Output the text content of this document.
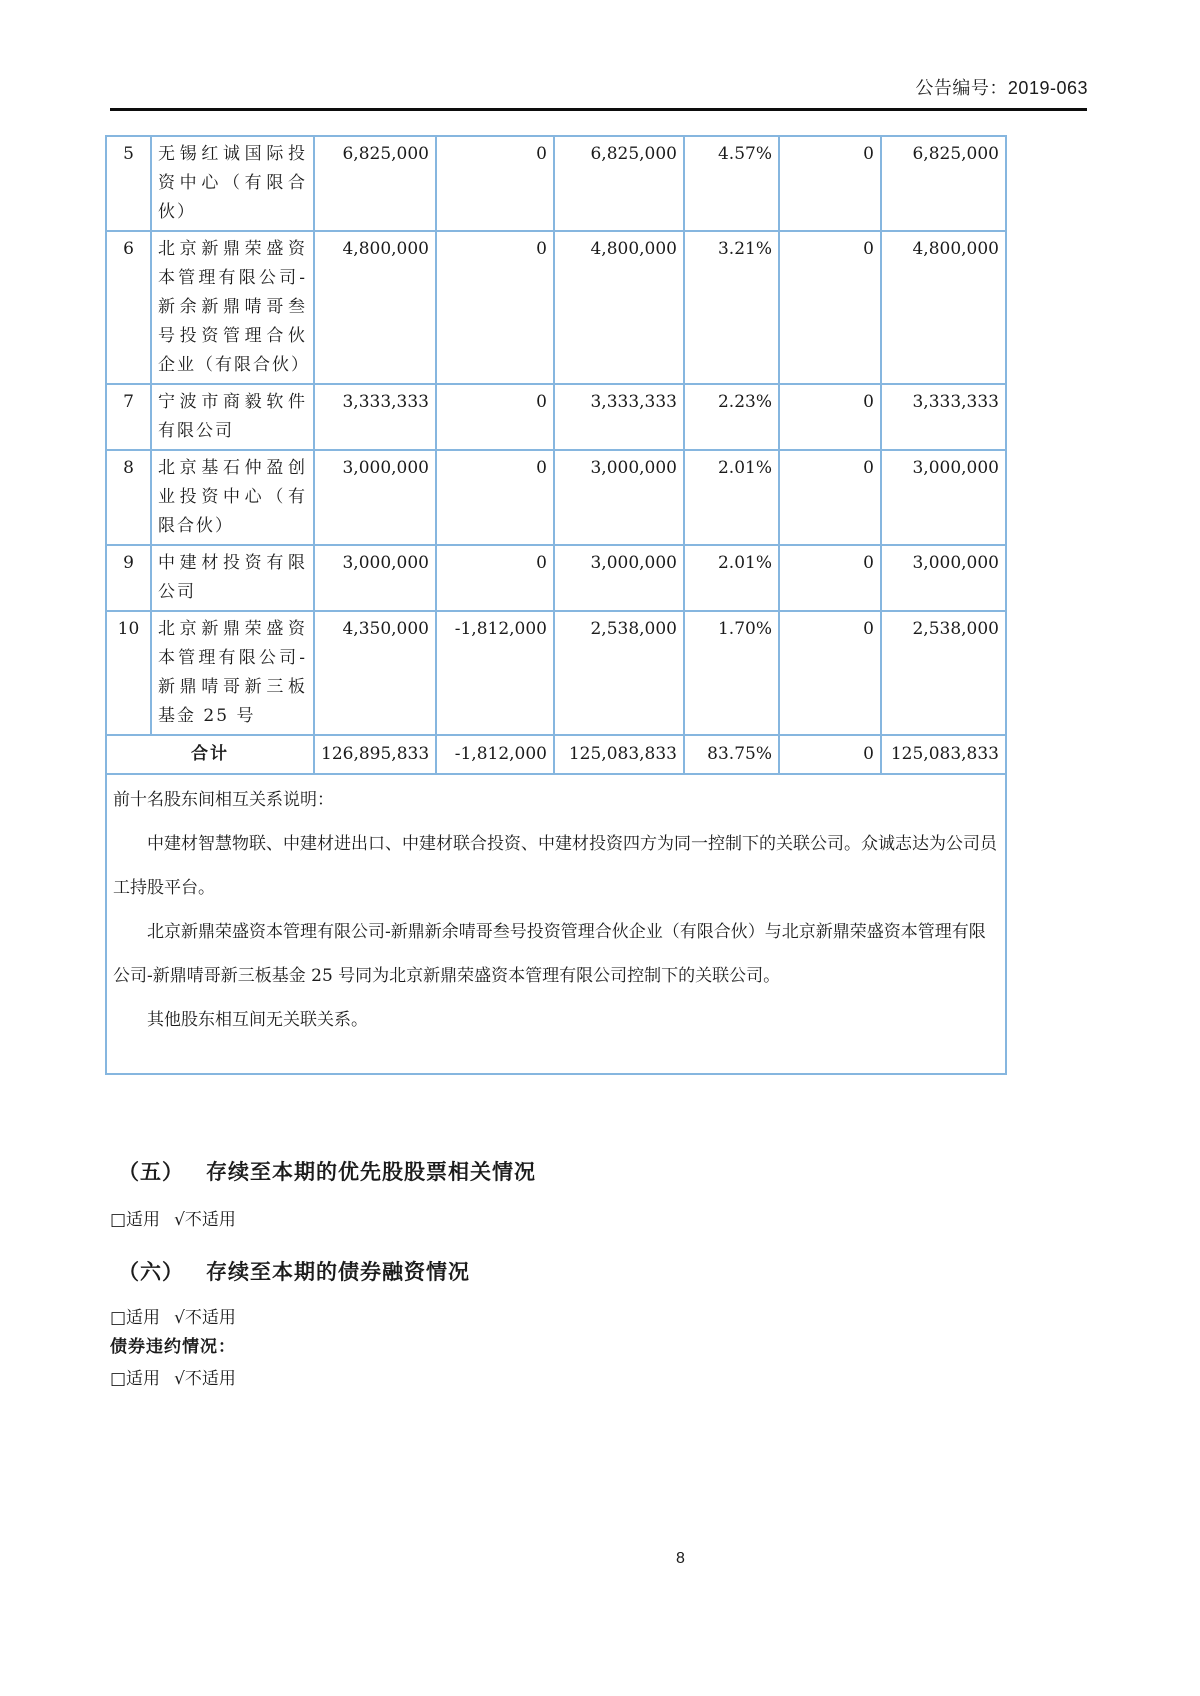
公告编号：2019-063
5	无锡红诚国际投资中心（有限合伙）	6,825,000	0	6,825,000	4.57%	0	6,825,000
6	北京新鼎荣盛资本管理有限公司-新余新鼎啨哥叁号投资管理合伙企业（有限合伙）	4,800,000	0	4,800,000	3.21%	0	4,800,000
7	宁波市商毅软件有限公司	3,333,333	0	3,333,333	2.23%	0	3,333,333
8	北京基石仲盈创业投资中心（有限合伙）	3,000,000	0	3,000,000	2.01%	0	3,000,000
9	中建材投资有限公司	3,000,000	0	3,000,000	2.01%	0	3,000,000
10	北京新鼎荣盛资本管理有限公司-新鼎啨哥新三板基金 25 号	4,350,000	-1,812,000	2,538,000	1.70%	0	2,538,000
合计		126,895,833	-1,812,000	125,083,833	83.75%	0	125,083,833

前十名股东间相互关系说明：

中建材智慧物联、中建材进出口、中建材联合投资、中建材投资四方为同一控制下的关联公司。众诚志达为公司员工持股平台。

北京新鼎荣盛资本管理有限公司-新鼎新余啨哥叁号投资管理合伙企业（有限合伙）与北京新鼎荣盛资本管理有限公司-新鼎啨哥新三板基金 25 号同为北京新鼎荣盛资本管理有限公司控制下的关联公司。

其他股东相互间无关联关系。							

（五） 存续至本期的优先股股票相关情况
□适用 √不适用
（六） 存续至本期的债券融资情况
□适用 √不适用
债券违约情况：
□适用 √不适用
8
